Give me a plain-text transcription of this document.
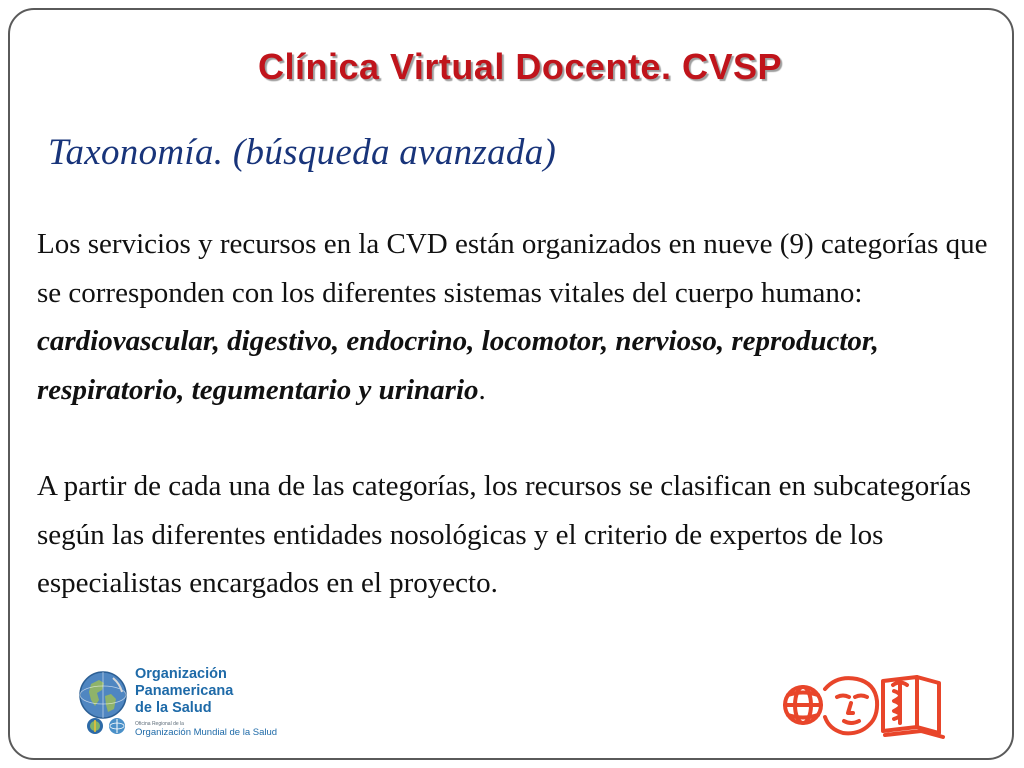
Clínica Virtual Docente. CVSP
Taxonomía. (búsqueda avanzada)

Los servicios y recursos en la CVD están organizados en nueve (9) categorías que se corresponden con los diferentes sistemas vitales del cuerpo humano: cardiovascular, digestivo, endocrino, locomotor, nervioso, reproductor, respiratorio, tegumentario y urinario.

A partir de cada una de las categorías, los recursos se clasifican en subcategorías según las diferentes entidades nosológicas y el criterio de expertos de los especialistas encargados en el proyecto.

Organización
Panamericana
de la Salud
Oficina Regional de la
Organización Mundial de la Salud
